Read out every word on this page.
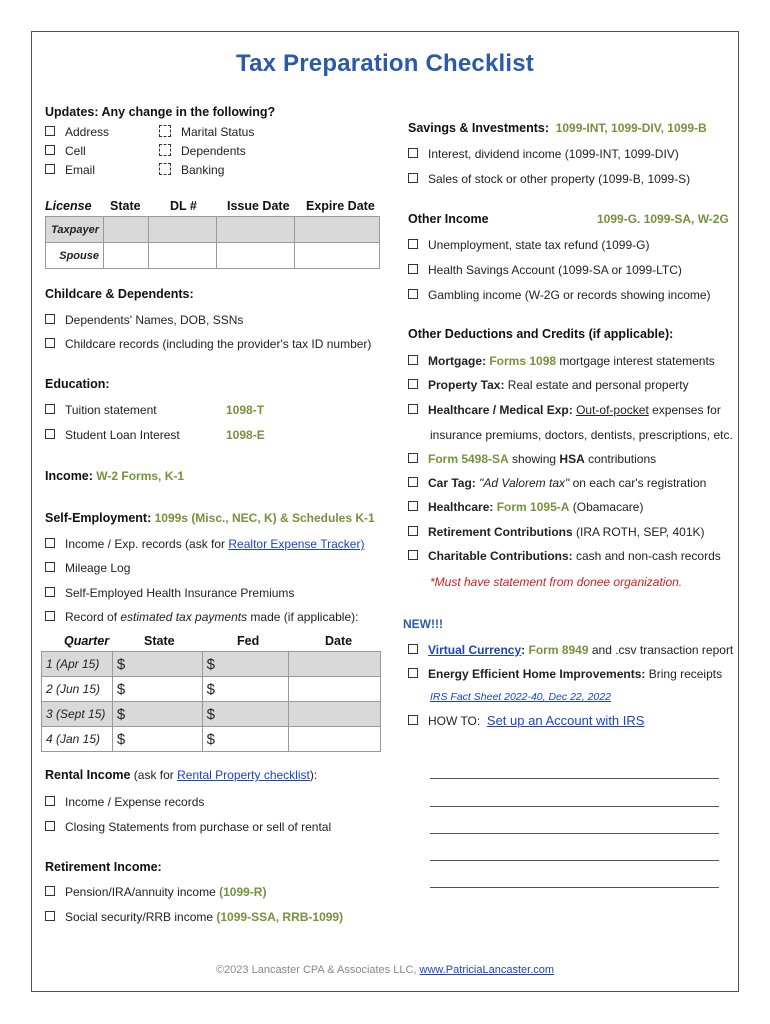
Tax Preparation Checklist
Updates: Any change in the following?
Address
Cell
Email
Marital Status
Dependents
Banking
License State DL # Issue Date Expire Date
Taxpayer				
Spouse				
Childcare & Dependents:
Dependents' Names, DOB, SSNs
Childcare records (including the provider's tax ID number)
Education:
Tuition statement	1098-T
Student Loan Interest	1098-E
Income: W-2 Forms, K-1
Self-Employment: 1099s (Misc., NEC, K) & Schedules K-1
Income / Exp. records (ask for Realtor Expense Tracker)
Mileage Log
Self-Employed Health Insurance Premiums
Record of estimated tax payments made (if applicable):
Quarter	State	Fed	Date
1 (Apr 15)	$	$	
2 (Jun 15)	$	$	
3 (Sept 15)	$	$	
4 (Jan 15)	$	$	
Rental Income (ask for Rental Property checklist):
Income / Expense records
Closing Statements from purchase or sell of rental
Retirement Income:
Pension/IRA/annuity income (1099-R)
Social security/RRB income (1099-SSA, RRB-1099)
Savings & Investments: 1099-INT, 1099-DIV, 1099-B
Interest, dividend income (1099-INT, 1099-DIV)
Sales of stock or other property (1099-B, 1099-S)
Other Income	1099-G. 1099-SA, W-2G
Unemployment, state tax refund (1099-G)
Health Savings Account (1099-SA or 1099-LTC)
Gambling income (W-2G or records showing income)
Other Deductions and Credits (if applicable):
Mortgage: Forms 1098 mortgage interest statements
Property Tax: Real estate and personal property
Healthcare / Medical Exp: Out-of-pocket expenses for
insurance premiums, doctors, dentists, prescriptions, etc.
Form 5498-SA showing HSA contributions
Car Tag: "Ad Valorem tax" on each car's registration
Healthcare: Form 1095-A (Obamacare)
Retirement Contributions (IRA ROTH, SEP, 401K)
Charitable Contributions: cash and non-cash records
*Must have statement from donee organization.
NEW!!!
Virtual Currency: Form 8949 and .csv transaction report
Energy Efficient Home Improvements: Bring receipts
IRS Fact Sheet 2022-40, Dec 22, 2022
HOW TO: Set up an Account with IRS
©2023 Lancaster CPA & Associates LLC, www.PatriciaLancaster.com
